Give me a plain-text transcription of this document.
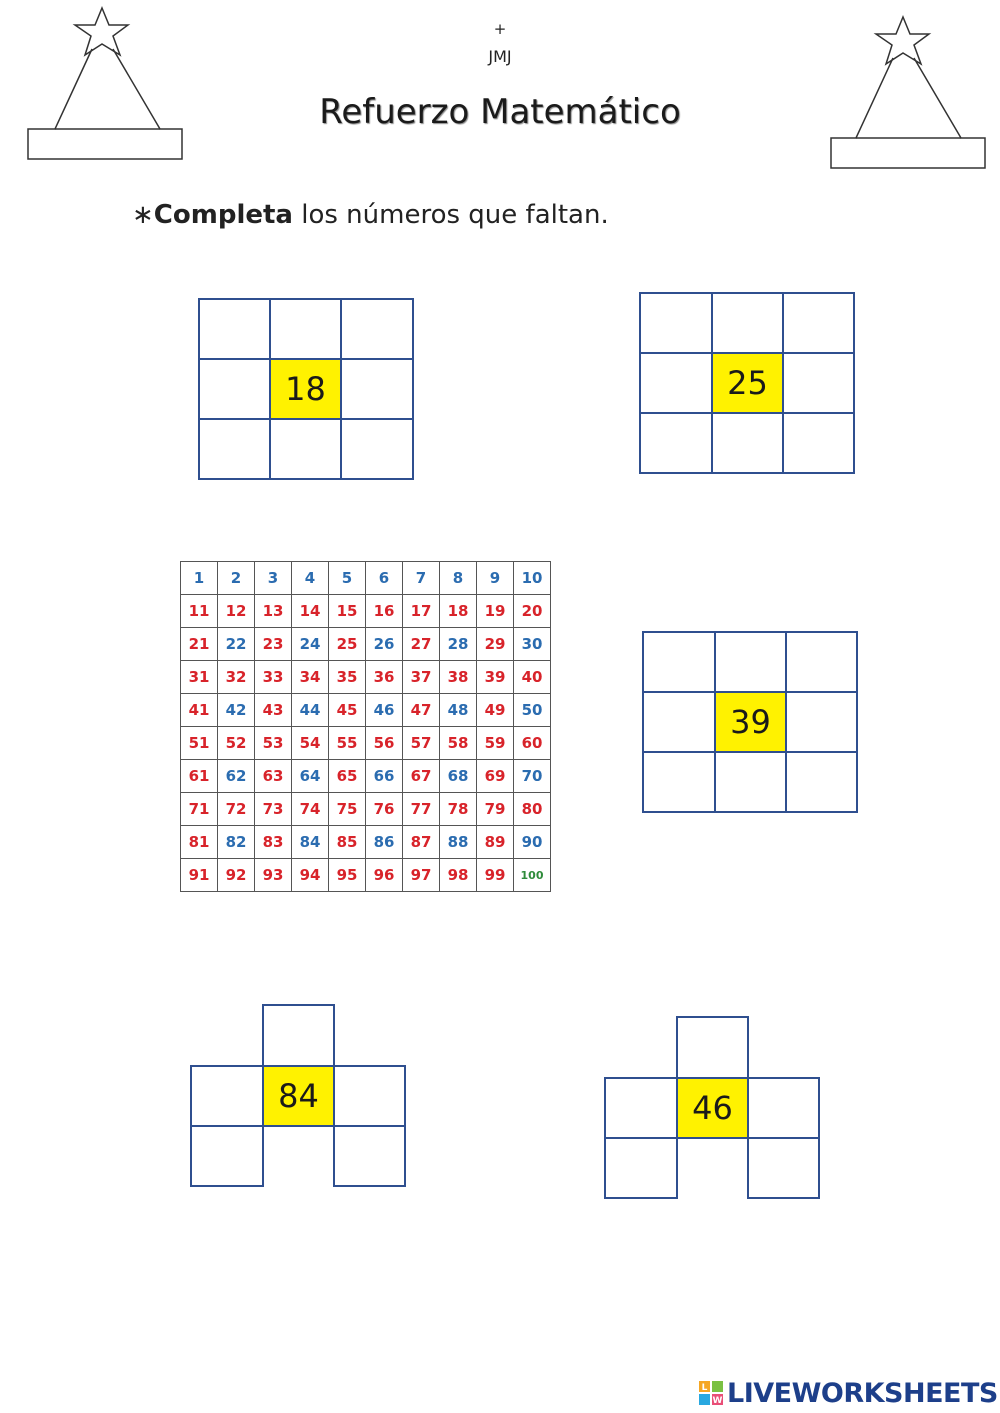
+
JMJ
Refuerzo Matemático
∗Completa los números que faltan.
18	25
1	2	3	4	5	6	7	8	9	10
11	12	13	14	15	16	17	18	19	20
21	22	23	24	25	26	27	28	29	30
31	32	33	34	35	36	37	38	39	40
41	42	43	44	45	46	47	48	49	50
51	52	53	54	55	56	57	58	59	60
61	62	63	64	65	66	67	68	69	70
71	72	73	74	75	76	77	78	79	80
81	82	83	84	85	86	87	88	89	90
91	92	93	94	95	96	97	98	99	100
39
84	46
L
W LIVEWORKSHEETS
